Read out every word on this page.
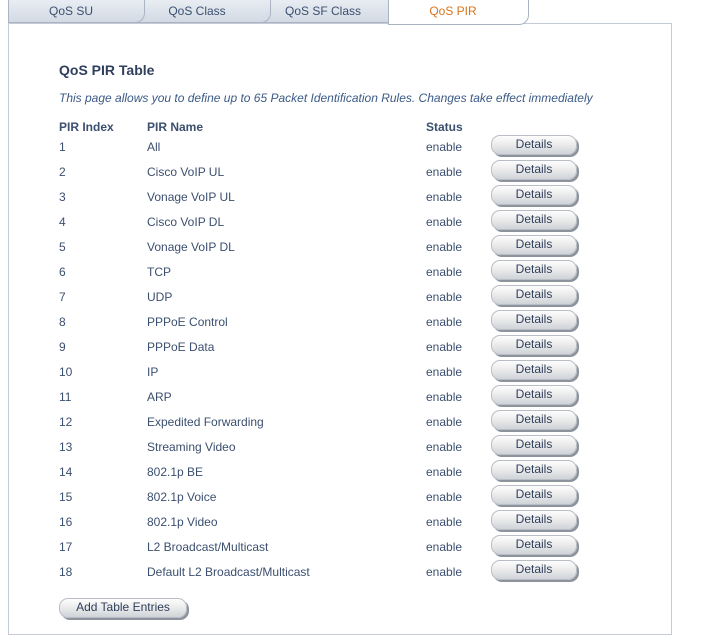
QoS SU	QoS Class	QoS SF Class	QoS PIR
QoS PIR Table
This page allows you to define up to 65 Packet Identification Rules. Changes take effect immediately
PIR Index	PIR Name	Status
1	All	enable	Details
2	Cisco VoIP UL	enable	Details
3	Vonage VoIP UL	enable	Details
4	Cisco VoIP DL	enable	Details
5	Vonage VoIP DL	enable	Details
6	TCP	enable	Details
7	UDP	enable	Details
8	PPPoE Control	enable	Details
9	PPPoE Data	enable	Details
10	IP	enable	Details
11	ARP	enable	Details
12	Expedited Forwarding	enable	Details
13	Streaming Video	enable	Details
14	802.1p BE	enable	Details
15	802.1p Voice	enable	Details
16	802.1p Video	enable	Details
17	L2 Broadcast/Multicast	enable	Details
18	Default L2 Broadcast/Multicast	enable	Details
Add Table Entries
